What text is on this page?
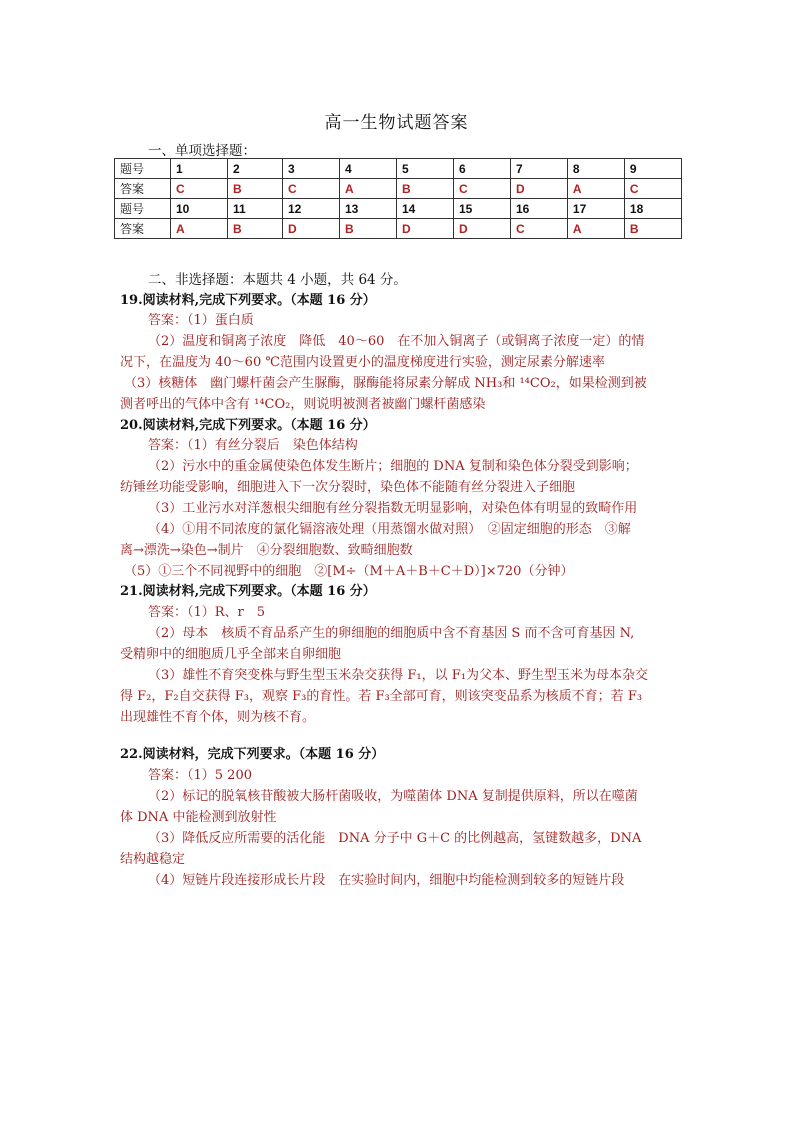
高一生物试题答案
一、单项选择题：
题号	1	2	3	4	5	6	7	8	9
答案	C	B	C	A	B	C	D	A	C
题号	10	11	12	13	14	15	16	17	18
答案	A	B	D	B	D	D	C	A	B
二、非选择题：本题共 4 小题，共 64 分。
19.阅读材料,完成下列要求。（本题 16 分）
答案：（1）蛋白质
（2）温度和铜离子浓度　降低　40～60　在不加入铜离子（或铜离子浓度一定）的情
况下，在温度为 40～60 ℃范围内设置更小的温度梯度进行实验，测定尿素分解速率
（3）核糖体　幽门螺杆菌会产生脲酶，脲酶能将尿素分解成 NH₃和 ¹⁴CO₂，如果检测到被
测者呼出的气体中含有 ¹⁴CO₂，则说明被测者被幽门螺杆菌感染
20.阅读材料,完成下列要求。（本题 16 分）
答案：（1）有丝分裂后　染色体结构
（2）污水中的重金属使染色体发生断片；细胞的 DNA 复制和染色体分裂受到影响；
纺锤丝功能受影响，细胞进入下一次分裂时，染色体不能随有丝分裂进入子细胞
（3）工业污水对洋葱根尖细胞有丝分裂指数无明显影响，对染色体有明显的致畸作用
（4）①用不同浓度的氯化镉溶液处理（用蒸馏水做对照）　②固定细胞的形态　③解
离→漂洗→染色→制片　④分裂细胞数、致畸细胞数
（5）①三个不同视野中的细胞　②[M÷（M＋A＋B＋C＋D）]×720（分钟）
21.阅读材料,完成下列要求。（本题 16 分）
答案：（1）R、r　5
（2）母本　核质不育品系产生的卵细胞的细胞质中含不育基因 S 而不含可育基因 N,
受精卵中的细胞质几乎全部来自卵细胞
（3）雄性不育突变株与野生型玉米杂交获得 F₁，以 F₁为父本、野生型玉米为母本杂交
得 F₂，F₂自交获得 F₃，观察 F₃的育性。若 F₃全部可育，则该突变品系为核质不育；若 F₃
出现雄性不育个体，则为核不育。
22.阅读材料，完成下列要求。（本题 16 分）
答案：（1）5 200
（2）标记的脱氧核苷酸被大肠杆菌吸收，为噬菌体 DNA 复制提供原料，所以在噬菌
体 DNA 中能检测到放射性
（3）降低反应所需要的活化能　DNA 分子中 G＋C 的比例越高，氢键数越多，DNA
结构越稳定
（4）短链片段连接形成长片段　在实验时间内，细胞中均能检测到较多的短链片段
